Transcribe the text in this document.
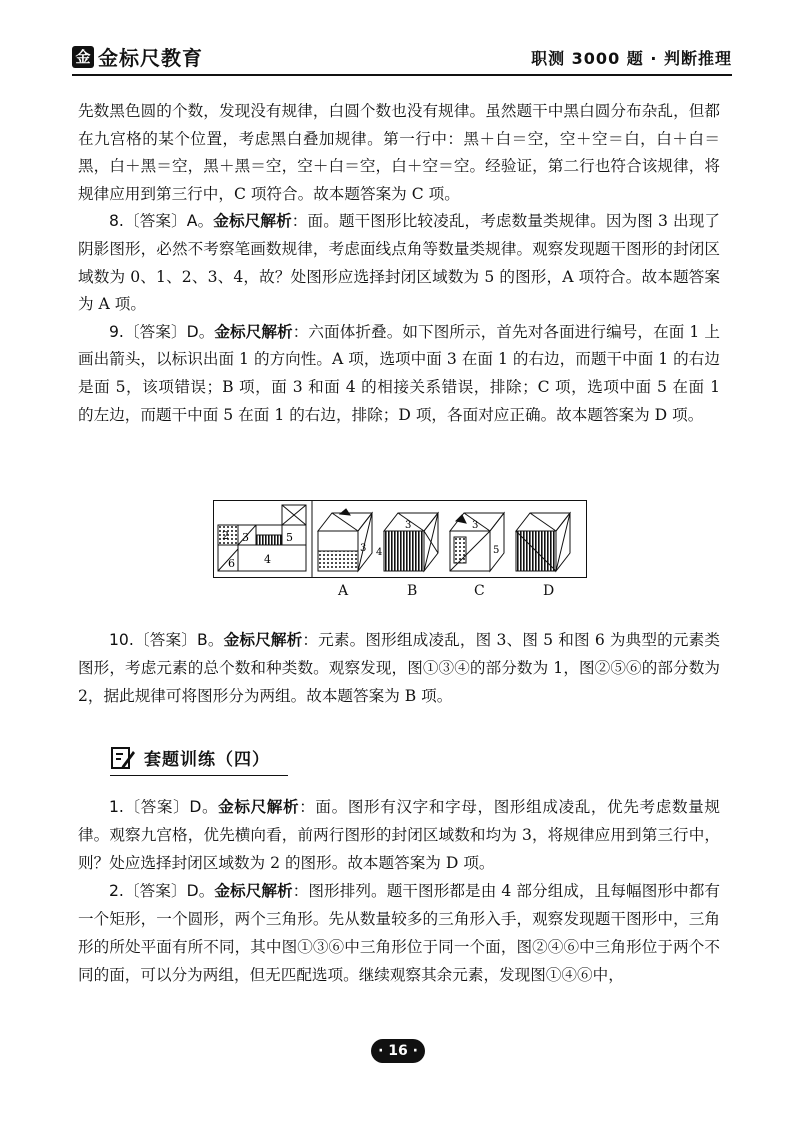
金 金标尺教育	职测 3000 题 · 判断推理

先数黑色圆的个数，发现没有规律，白圆个数也没有规律。虽然题干中黑白圆分布杂乱，但都在九宫格的某个位置，考虑黑白叠加规律。第一行中：黑＋白＝空，空＋空＝白，白＋白＝黑，白＋黑＝空，黑＋黑＝空，空＋白＝空，白＋空＝空。经验证，第二行也符合该规律，将规律应用到第三行中，C 项符合。故本题答案为 C 项。

8.〔答案〕A。金标尺解析：面。题干图形比较凌乱，考虑数量类规律。因为图 3 出现了阴影图形，必然不考察笔画数规律，考虑面线点角等数量类规律。观察发现题干图形的封闭区域数为 0、1、2、3、4，故？处图形应选择封闭区域数为 5 的图形，A 项符合。故本题答案为 A 项。

9.〔答案〕D。金标尺解析：六面体折叠。如下图所示，首先对各面进行编号，在面 1 上画出箭头，以标识出面 1 的方向性。A 项，选项中面 3 在面 1 的右边，而题干中面 1 的右边是面 5，该项错误；B 项，面 3 和面 4 的相接关系错误，排除；C 项，选项中面 5 在面 1 的左边，而题干中面 5 在面 1 的右边，排除；D 项，各面对应正确。故本题答案为 D 项。

2 3	5
6	4
3
3
4
3
5
A	B	C	D

10.〔答案〕B。金标尺解析：元素。图形组成凌乱，图 3、图 5 和图 6 为典型的元素类图形，考虑元素的总个数和种类数。观察发现，图①③④的部分数为 1，图②⑤⑥的部分数为 2，据此规律可将图形分为两组。故本题答案为 B 项。

套题训练（四）

1.〔答案〕D。金标尺解析：面。图形有汉字和字母，图形组成凌乱，优先考虑数量规律。观察九宫格，优先横向看，前两行图形的封闭区域数和均为 3，将规律应用到第三行中，则？处应选择封闭区域数为 2 的图形。故本题答案为 D 项。

2.〔答案〕D。金标尺解析：图形排列。题干图形都是由 4 部分组成，且每幅图形中都有一个矩形，一个圆形，两个三角形。先从数量较多的三角形入手，观察发现题干图形中，三角形的所处平面有所不同，其中图①③⑥中三角形位于同一个面，图②④⑥中三角形位于两个不同的面，可以分为两组，但无匹配选项。继续观察其余元素，发现图①④⑥中，

· 16 ·
